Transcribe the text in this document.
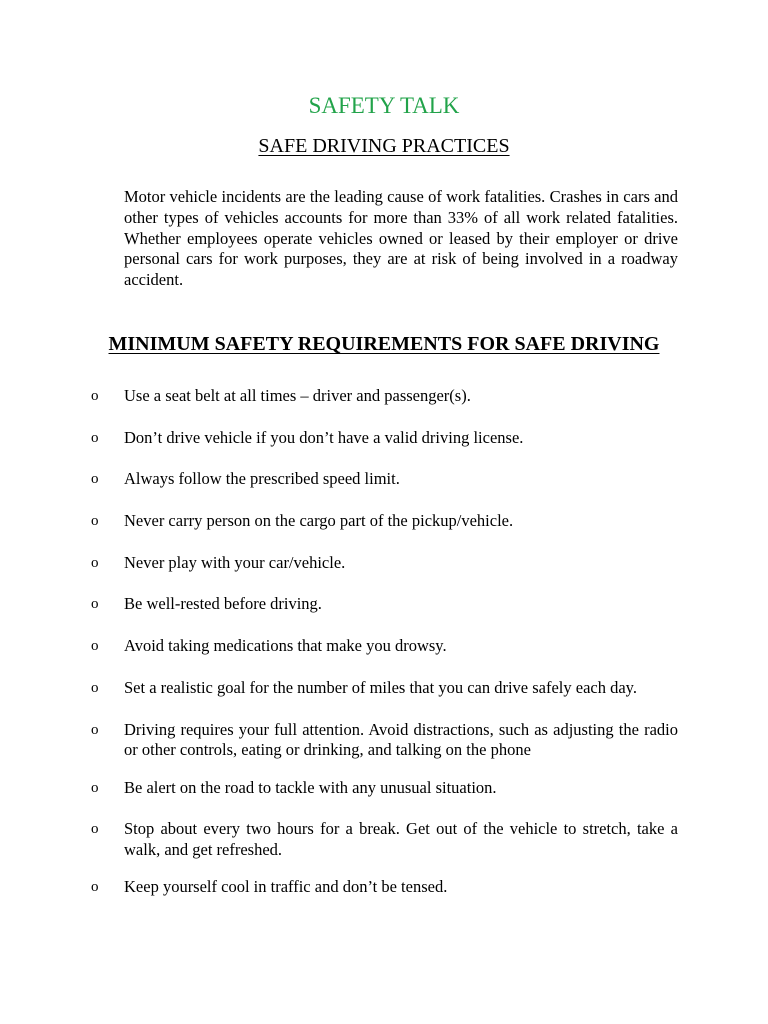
SAFETY TALK
SAFE DRIVING PRACTICES

Motor vehicle incidents are the leading cause of work fatalities. Crashes in cars and other types of vehicles accounts for more than 33% of all work related fatalities. Whether employees operate vehicles owned or leased by their employer or drive personal cars for work purposes, they are at risk of being involved in a roadway accident.

MINIMUM SAFETY REQUIREMENTS FOR SAFE DRIVING
o Use a seat belt at all times – driver and passenger(s).
o Don’t drive vehicle if you don’t have a valid driving license.
o Always follow the prescribed speed limit.
o Never carry person on the cargo part of the pickup/vehicle.
o Never play with your car/vehicle.
o Be well-rested before driving.
o Avoid taking medications that make you drowsy.
o Set a realistic goal for the number of miles that you can drive safely each day.
o Driving requires your full attention. Avoid distractions, such as adjusting the radio or other controls, eating or drinking, and talking on the phone
o Be alert on the road to tackle with any unusual situation.
o Stop about every two hours for a break. Get out of the vehicle to stretch, take a walk, and get refreshed.
o Keep yourself cool in traffic and don’t be tensed.
